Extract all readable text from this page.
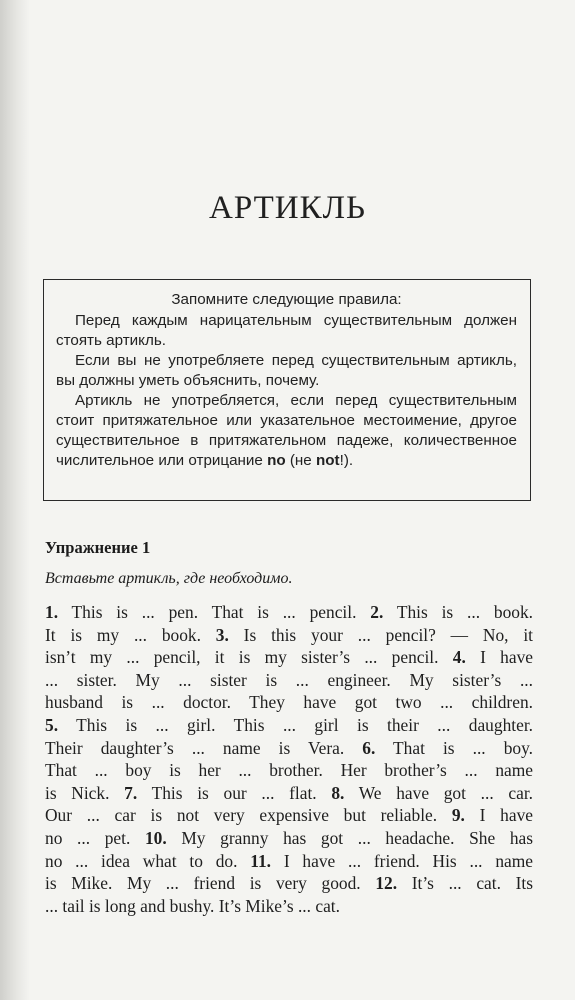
АРТИКЛЬ

Запомните следующие правила:

Перед каждым нарицательным существительным должен стоять артикль.

Если вы не употребляете перед существительным артикль, вы должны уметь объяснить, почему.

Артикль не употребляется, если перед существительным стоит притяжательное или указательное местоимение, другое существительное в притяжательном падеже, количественное числительное или отрицание no (не not!).

Упражнение 1
Вставьте артикль, где необходимо.
1. This is ... pen. That is ... pencil. 2. This is ... book.
It is my ... book. 3. Is this your ... pencil? — No, it
isn’t my ... pencil, it is my sister’s ... pencil. 4. I have
... sister. My ... sister is ... engineer. My sister’s ...
husband is ... doctor. They have got two ... children.
5. This is ... girl. This ... girl is their ... daughter.
Their daughter’s ... name is Vera. 6. That is ... boy.
That ... boy is her ... brother. Her brother’s ... name
is Nick. 7. This is our ... flat. 8. We have got ... car.
Our ... car is not very expensive but reliable. 9. I have
no ... pet. 10. My granny has got ... headache. She has
no ... idea what to do. 11. I have ... friend. His ... name
is Mike. My ... friend is very good. 12. It’s ... cat. Its
... tail is long and bushy. It’s Mike’s ... cat.
